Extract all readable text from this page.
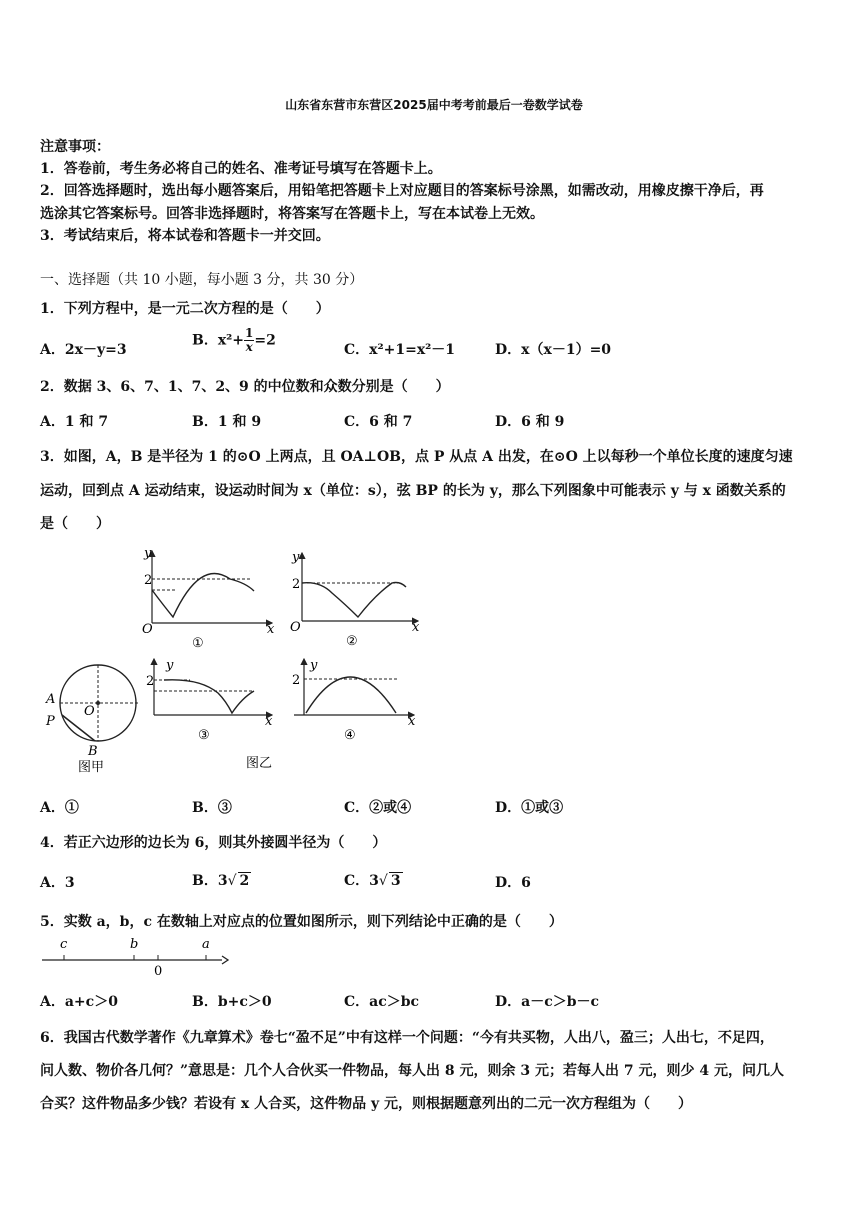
山东省东营市东营区2025届中考考前最后一卷数学试卷
注意事项：
1．答卷前，考生务必将自己的姓名、准考证号填写在答题卡上。
2．回答选择题时，选出每小题答案后，用铅笔把答题卡上对应题目的答案标号涂黑，如需改动，用橡皮擦干净后，再
选涂其它答案标号。回答非选择题时，将答案写在答题卡上，写在本试卷上无效。
3．考试结束后，将本试卷和答题卡一并交回。
一、选择题（共 10 小题，每小题 3 分，共 30 分）
1．下列方程中，是一元二次方程的是（　　）
A．2x－y=3
B．$x^2+ \frac{1}{x} =2$
C．x²+1=x²－1	D．x（x－1）=0
2．数据 3、6、7、1、7、2、9 的中位数和众数分别是（　　）
A．1 和 7	B．1 和 9	C．6 和 7	D．6 和 9
3．如图，A，B 是半径为 1 的⊙O 上两点，且 OA⊥OB，点 P 从点 A 出发，在⊙O 上以每秒一个单位长度的速度匀速
运动，回到点 A 运动结束，设运动时间为 x（单位：s），弦 BP 的长为 y，那么下列图象中可能表示 y 与 x 函数关系的
是（　　）
y
2
O	x
①
y
2
O	x
②
A
P
O
B
图甲
y
2
x
③
y
2
x
④
图乙
A．①	B．③	C．②或④	D．①或③
4．若正六边形的边长为 6，则其外接圆半径为（　　）
A．3	B．3√ 2	C．3√ 3	D．6
5．实数 a，b，c 在数轴上对应点的位置如图所示，则下列结论中正确的是（　　）
c	b
0
a
A．a+c＞0	B．b+c＞0	C．ac＞bc	D．a－c＞b－c
6．我国古代数学著作《九章算术》卷七“盈不足”中有这样一个问题：“今有共买物，人出八，盈三；人出七，不足四，
问人数、物价各几何？”意思是：几个人合伙买一件物品，每人出 8 元，则余 3 元；若每人出 7 元，则少 4 元，问几人
合买？这件物品多少钱？若设有 x 人合买，这件物品 y 元，则根据题意列出的二元一次方程组为（　　）
